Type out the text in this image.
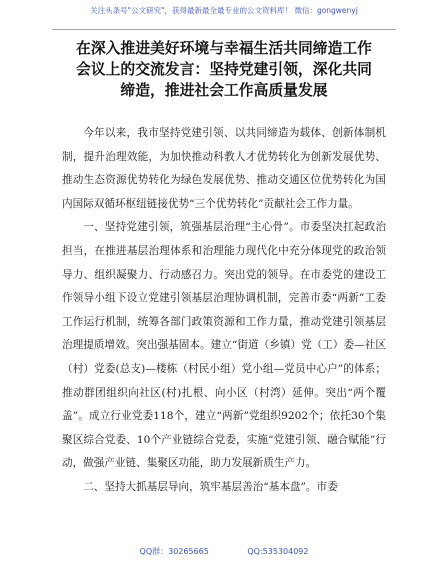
关注头条号"公文研究"，获得最新最全最专业的公文资料库！ 微信：gongwenyj
在深入推进美好环境与幸福生活共同缔造工作
会议上的交流发言：坚持党建引领，深化共同
缔造，推进社会工作高质量发展

今年以来，我市坚持党建引领、以共同缔造为载体、创新体制机制，提升治理效能，为加快推动科教人才优势转化为创新发展优势、推动生态资源优势转化为绿色发展优势、推动交通区位优势转化为国内国际双循环枢纽链接优势“三个优势转化”贡献社会工作力量。

一、坚持党建引领，筑强基层治理“主心骨”。市委坚决扛起政治担当，在推进基层治理体系和治理能力现代化中充分体现党的政治领导力、组织凝聚力、行动感召力。突出党的领导。在市委党的建设工作领导小组下设立党建引领基层治理协调机制，完善市委“两新”工委工作运行机制，统筹各部门政策资源和工作力量，推动党建引领基层治理提质增效。突出强基固本。建立“街道（乡镇）党（工）委—社区（村）党委(总支)—楼栋（村民小组）党小组—党员中心户”的体系；推动群团组织向社区(村)扎根、向小区（村湾）延伸。突出“两个覆盖”。成立行业党委118个，建立“两新”党组织9202个；依托30个集聚区综合党委、10个产业链综合党委，实施“党建引领、融合赋能”行动，做强产业链、集聚区功能，助力发展新质生产力。

二、坚持大抓基层导向，筑牢基层善治“基本盘”。市委

QQ群：30265665	QQ:535304092
